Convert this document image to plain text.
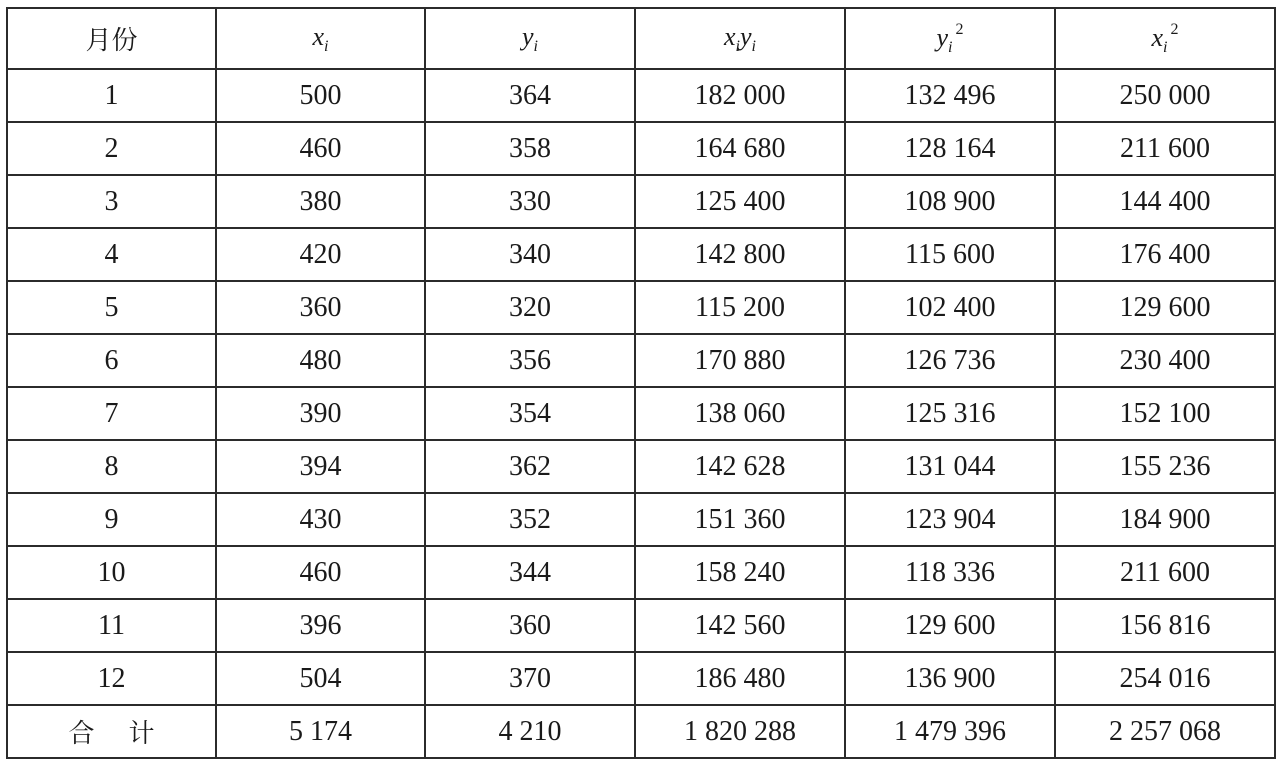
月份	$x_i$	$y_i$	$x_iy_i$	$y_i^2$	$x_i^2$
1	500	364	182 000	132 496	250 000
2	460	358	164 680	128 164	211 600
3	380	330	125 400	108 900	144 400
4	420	340	142 800	115 600	176 400
5	360	320	115 200	102 400	129 600
6	480	356	170 880	126 736	230 400
7	390	354	138 060	125 316	152 100
8	394	362	142 628	131 044	155 236
9	430	352	151 360	123 904	184 900
10	460	344	158 240	118 336	211 600
11	396	360	142 560	129 600	156 816
12	504	370	186 480	136 900	254 016
合 计	5 174	4 210	1 820 288	1 479 396	2 257 068
